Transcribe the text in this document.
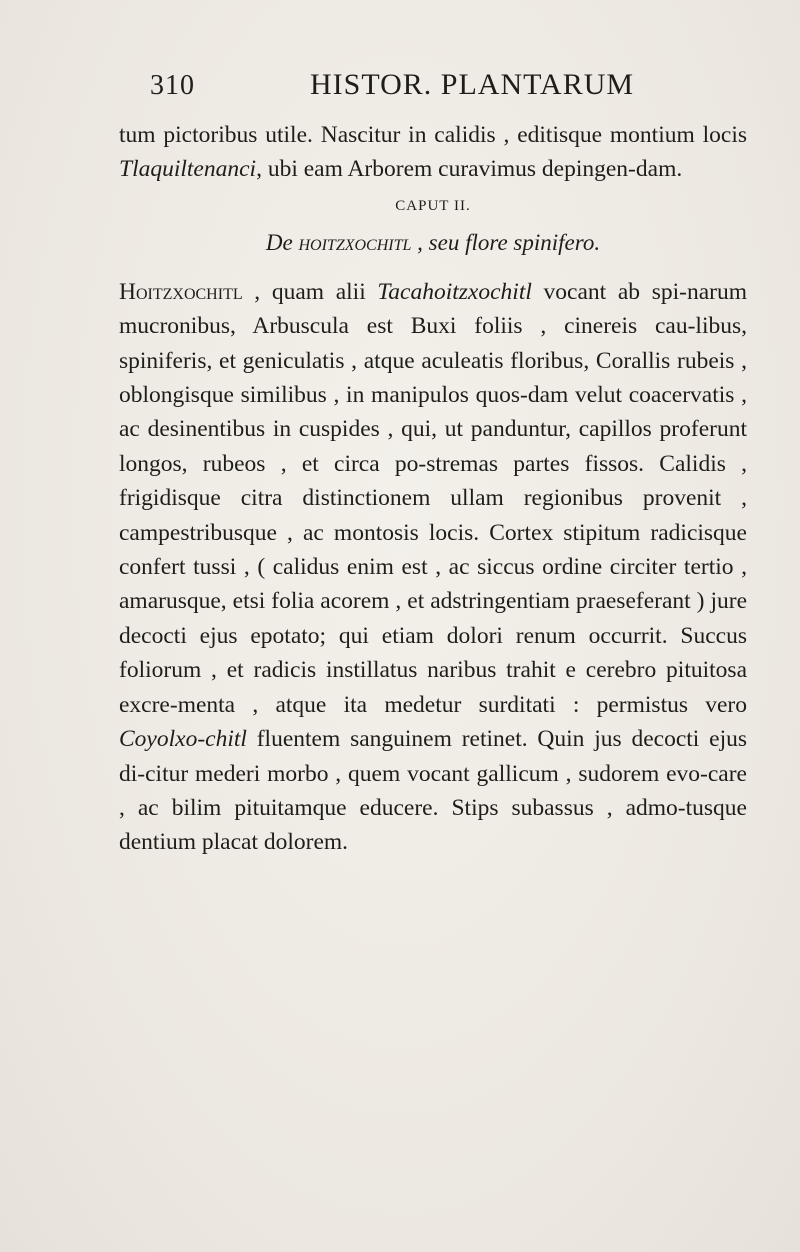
310	HISTOR. PLANTARUM

tum pictoribus utile. Nascitur in calidis , editisque montium locis Tlaquiltenanci, ubi eam Arborem curavimus depingen-dam.

CAPUT II.
De hoitzxochitl , seu flore spinifero.

Hoitzxochitl , quam alii Tacahoitzxochitl vocant ab spi-narum mucronibus, Arbuscula est Buxi foliis , cinereis cau-libus, spiniferis, et geniculatis , atque aculeatis floribus, Corallis rubeis , oblongisque similibus , in manipulos quos-dam velut coacervatis , ac desinentibus in cuspides , qui, ut panduntur, capillos proferunt longos, rubeos , et circa po-stremas partes fissos. Calidis , frigidisque citra distinctionem ullam regionibus provenit , campestribusque , ac montosis locis. Cortex stipitum radicisque confert tussi , ( calidus enim est , ac siccus ordine circiter tertio , amarusque, etsi folia acorem , et adstringentiam praeseferant ) jure decocti ejus epotato; qui etiam dolori renum occurrit. Succus foliorum , et radicis instillatus naribus trahit e cerebro pituitosa excre-menta , atque ita medetur surditati : permistus vero Coyolxo-chitl fluentem sanguinem retinet. Quin jus decocti ejus di-citur mederi morbo , quem vocant gallicum , sudorem evo-care , ac bilim pituitamque educere. Stips subassus , admo-tusque dentium placat dolorem.
